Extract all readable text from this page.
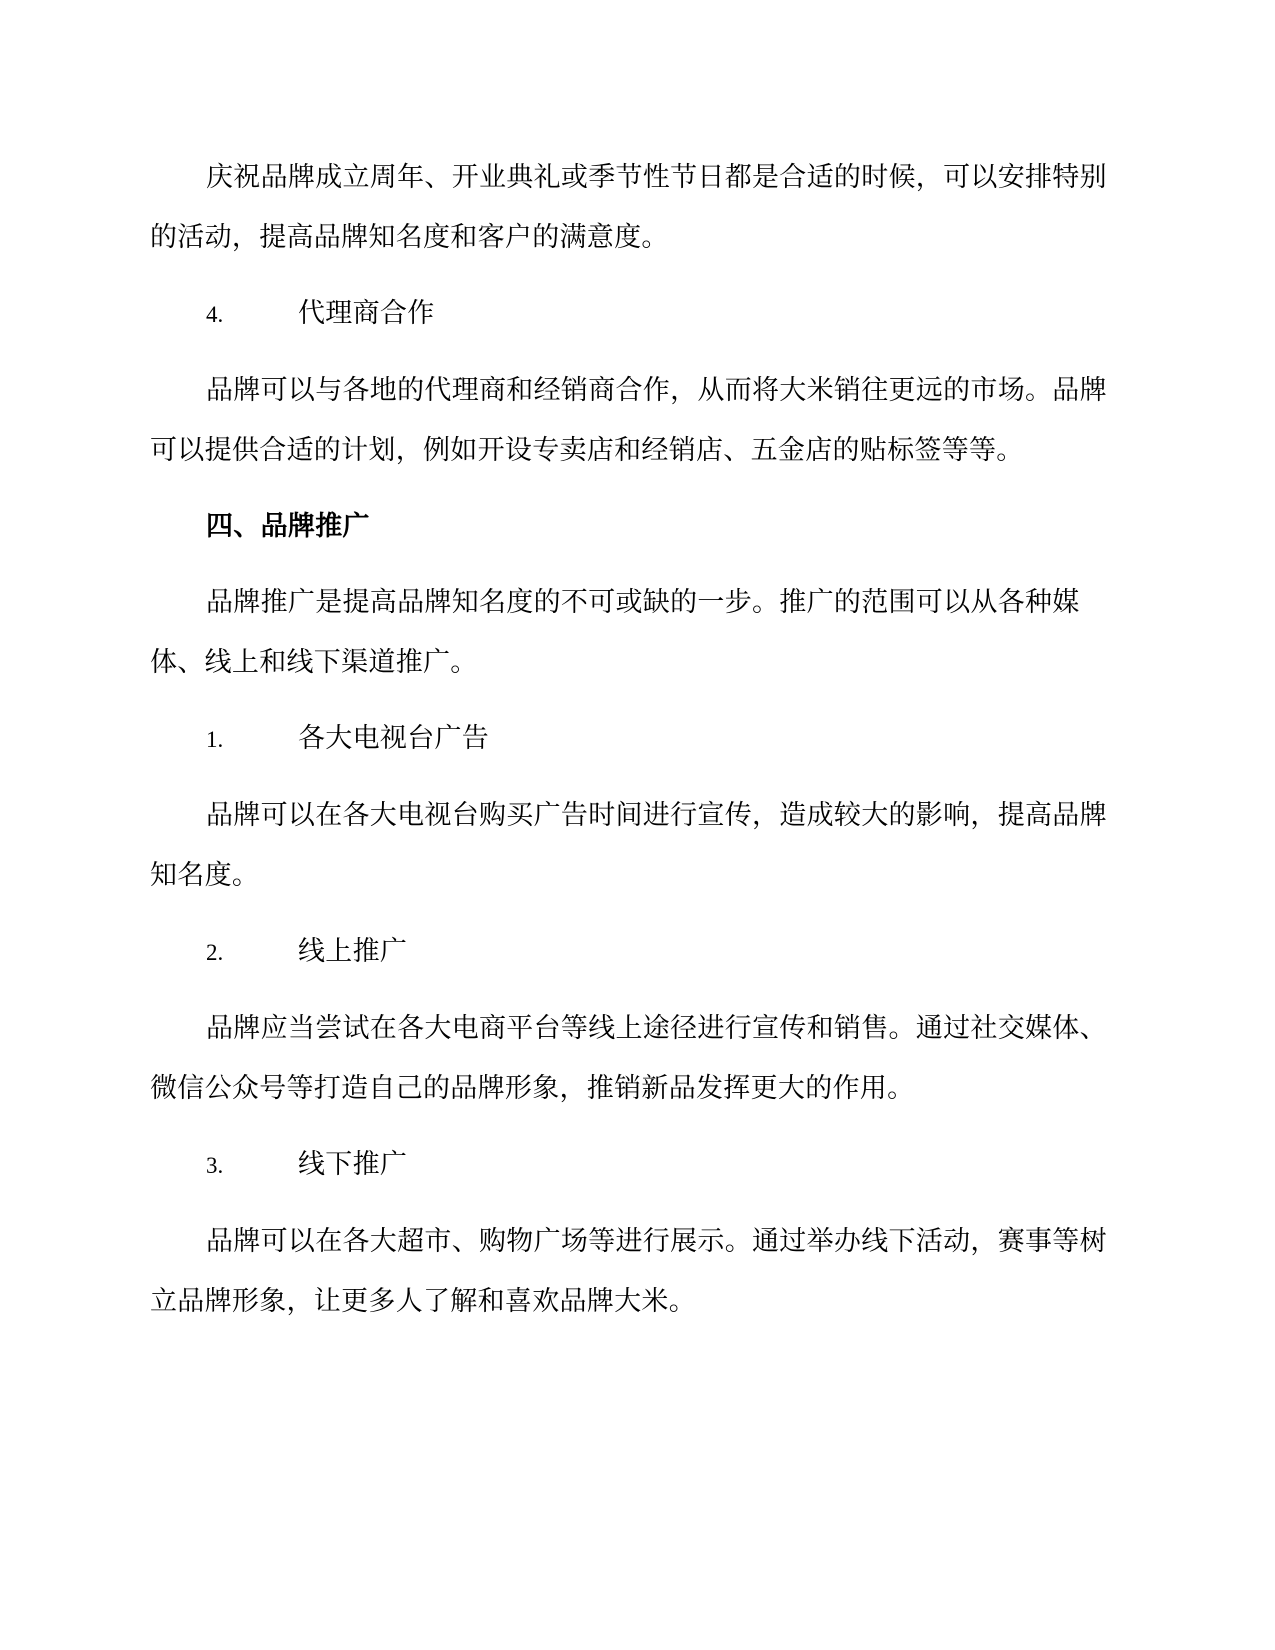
庆祝品牌成立周年、开业典礼或季节性节日都是合适的时候，可以安排特别的活动，提高品牌知名度和客户的满意度。

4.	代理商合作

品牌可以与各地的代理商和经销商合作，从而将大米销往更远的市场。品牌可以提供合适的计划，例如开设专卖店和经销店、五金店的贴标签等等。

四、品牌推广

品牌推广是提高品牌知名度的不可或缺的一步。推广的范围可以从各种媒体、线上和线下渠道推广。

1.	各大电视台广告

品牌可以在各大电视台购买广告时间进行宣传，造成较大的影响，提高品牌知名度。

2.	线上推广

品牌应当尝试在各大电商平台等线上途径进行宣传和销售。通过社交媒体、微信公众号等打造自己的品牌形象，推销新品发挥更大的作用。

3.	线下推广

品牌可以在各大超市、购物广场等进行展示。通过举办线下活动，赛事等树立品牌形象，让更多人了解和喜欢品牌大米。
